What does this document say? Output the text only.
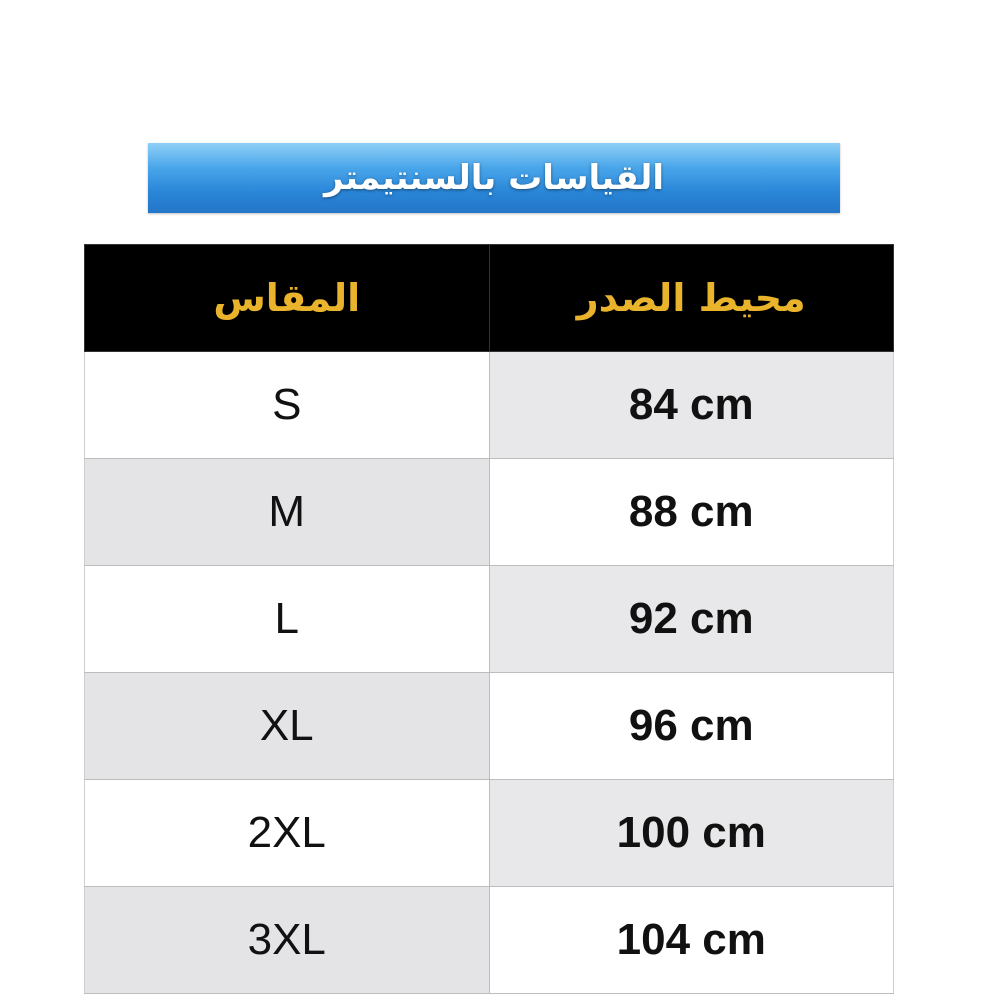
القياسات بالسنتيمتر
المقاس	محيط الصدر
S	84 cm
M	88 cm
L	92 cm
XL	96 cm
2XL	100 cm
3XL	104 cm
